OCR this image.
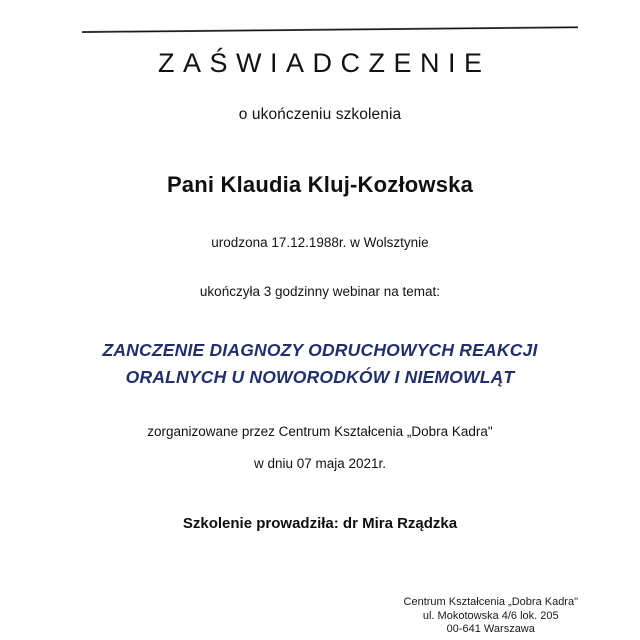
ZAŚWIADCZENIE
o ukończeniu szkolenia
Pani Klaudia Kluj-Kozłowska
urodzona 17.12.1988r. w Wolsztynie
ukończyła 3 godzinny webinar na temat:
ZANCZENIE DIAGNOZY ODRUCHOWYCH REAKCJI
ORALNYCH U NOWORODKÓW I NIEMOWLĄT
zorganizowane przez Centrum Kształcenia „Dobra Kadra"
w dniu 07 maja 2021r.
Szkolenie prowadziła: dr Mira Rządzka
Centrum Kształcenia „Dobra Kadra"
ul. Mokotowska 4/6 lok. 205
00-641 Warszawa
